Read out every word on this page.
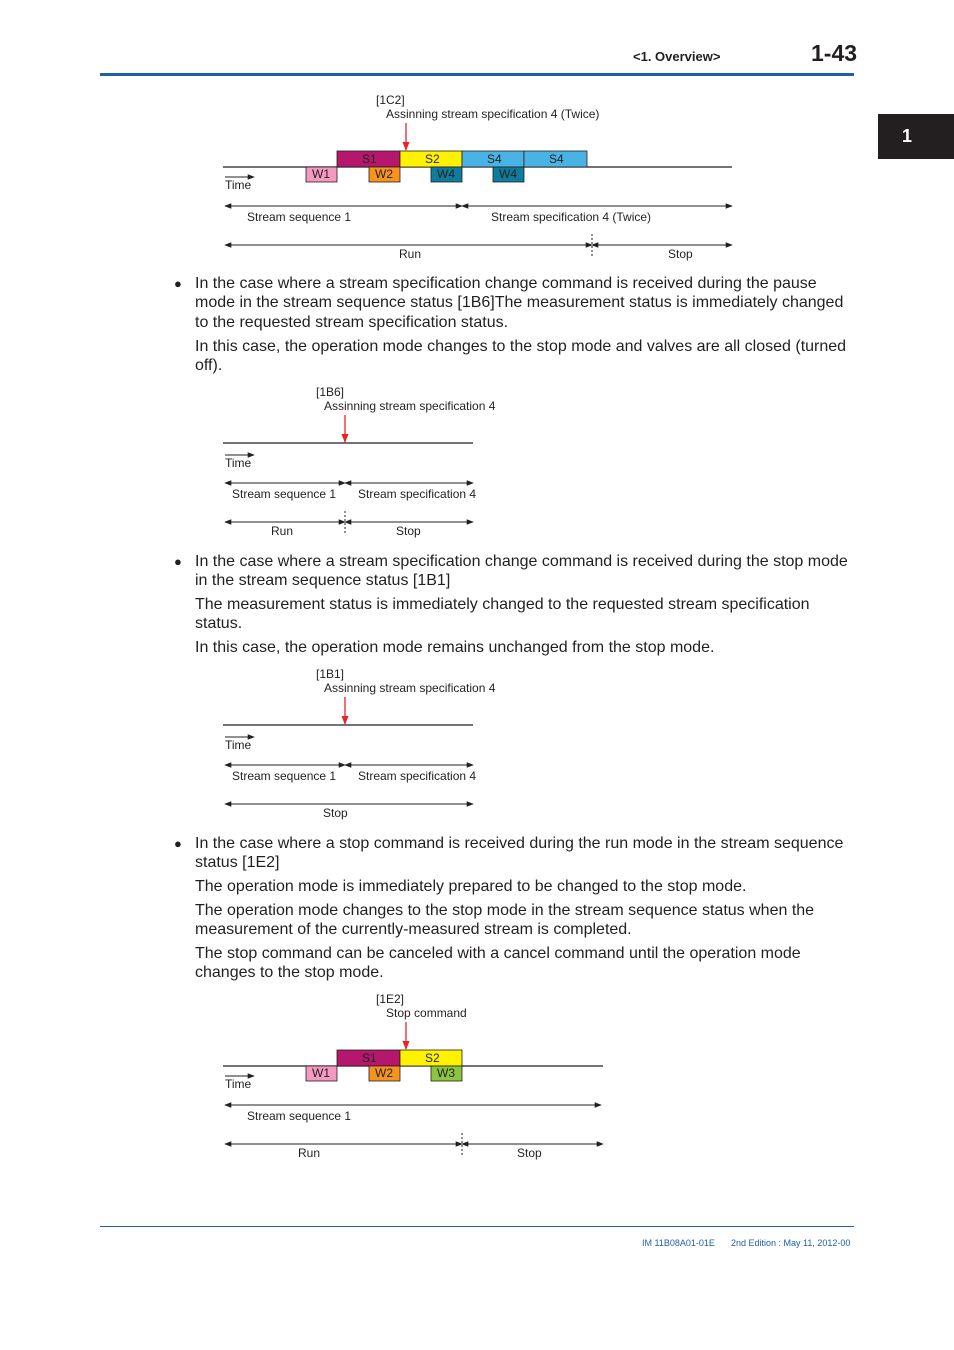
<1. Overview>	1-43
1
[1C2]
Assinning stream specification 4 (Twice)
S1	S2	S4	S4
W1	W2	W4	W4
Time
Stream sequence 1	Stream specification 4 (Twice)
Run	Stop
[1B6]
Assinning stream specification 4
Time
Stream sequence 1 Stream specification 4
Run	Stop
[1B1]
Assinning stream specification 4
Time
Stream sequence 1 Stream specification 4
Stop
[1E2]
Stop command
S1	S2
W1	W2	W3
Time
Stream sequence 1
Run	Stop
● In the case where a stream specification change command is received during the pause mode in the stream sequence status [1B6]The measurement status is immediately changed to the requested stream specification status.
In this case, the operation mode changes to the stop mode and valves are all closed (turned off).
● In the case where a stream specification change command is received during the stop mode in the stream sequence status [1B1]
The measurement status is immediately changed to the requested stream specification status.
In this case, the operation mode remains unchanged from the stop mode.
● In the case where a stop command is received during the run mode in the stream sequence status [1E2]
The operation mode is immediately prepared to be changed to the stop mode.
The operation mode changes to the stop mode in the stream sequence status when the measurement of the currently-measured stream is completed.
The stop command can be canceled with a cancel command until the operation mode changes to the stop mode.
IM 11B08A01-01E 2nd Edition : May 11, 2012-00
